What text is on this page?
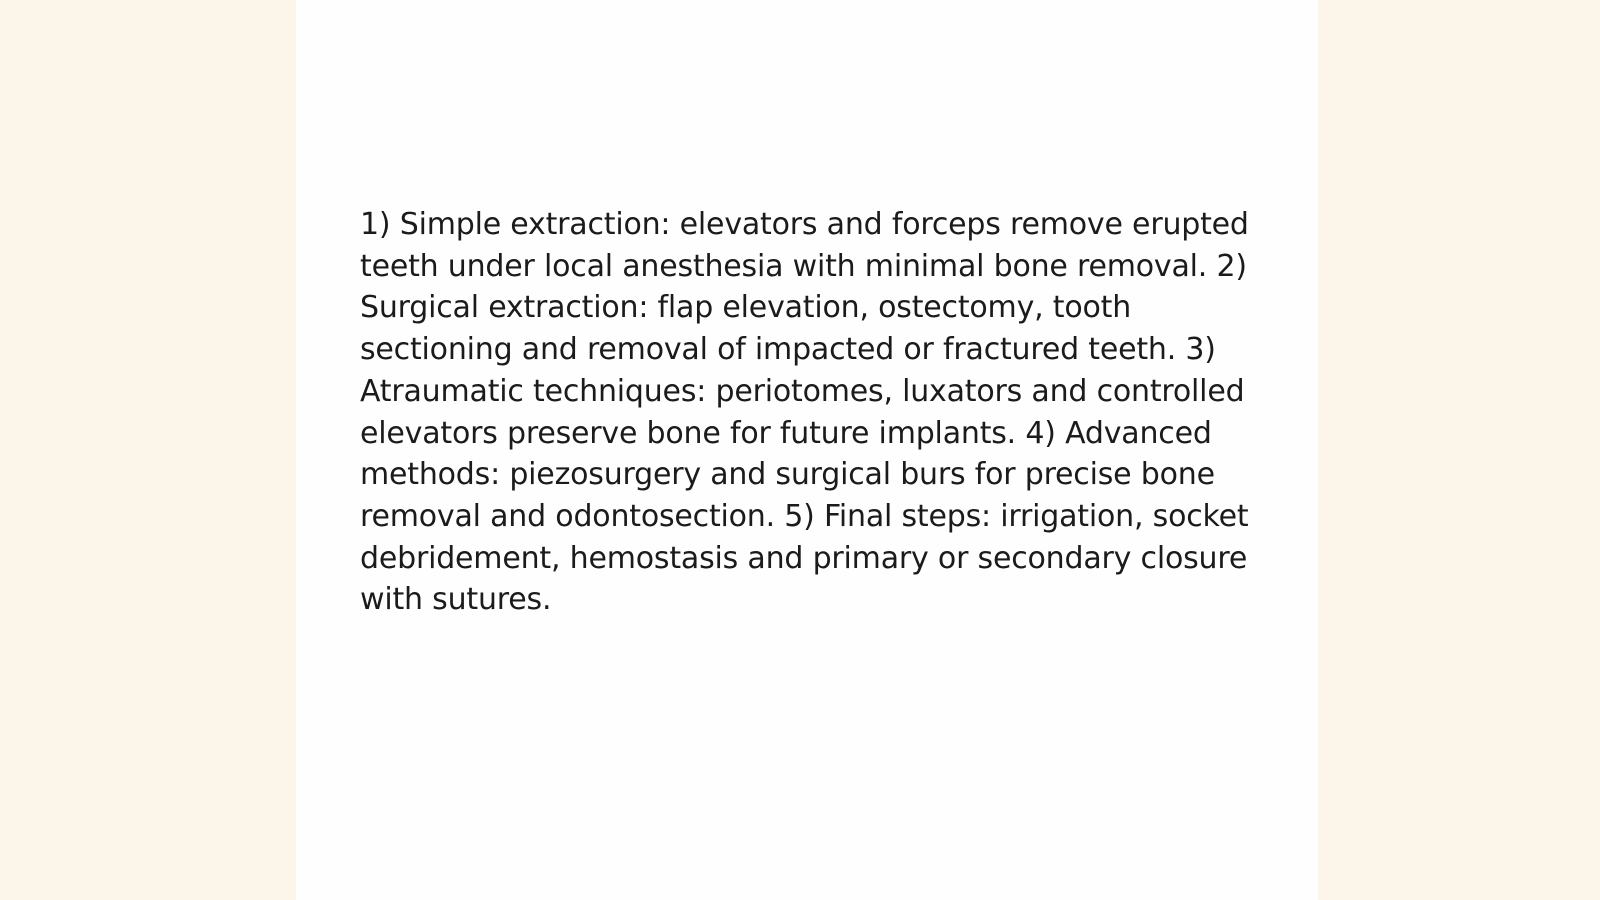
1) Simple extraction: elevators and forceps remove erupted teeth under local anesthesia with minimal bone removal. 2) Surgical extraction: flap elevation, ostectomy, tooth sectioning and removal of impacted or fractured teeth. 3) Atraumatic techniques: periotomes, luxators and controlled elevators preserve bone for future implants. 4) Advanced methods: piezosurgery and surgical burs for precise bone removal and odontosection. 5) Final steps: irrigation, socket debridement, hemostasis and primary or secondary closure with sutures.
